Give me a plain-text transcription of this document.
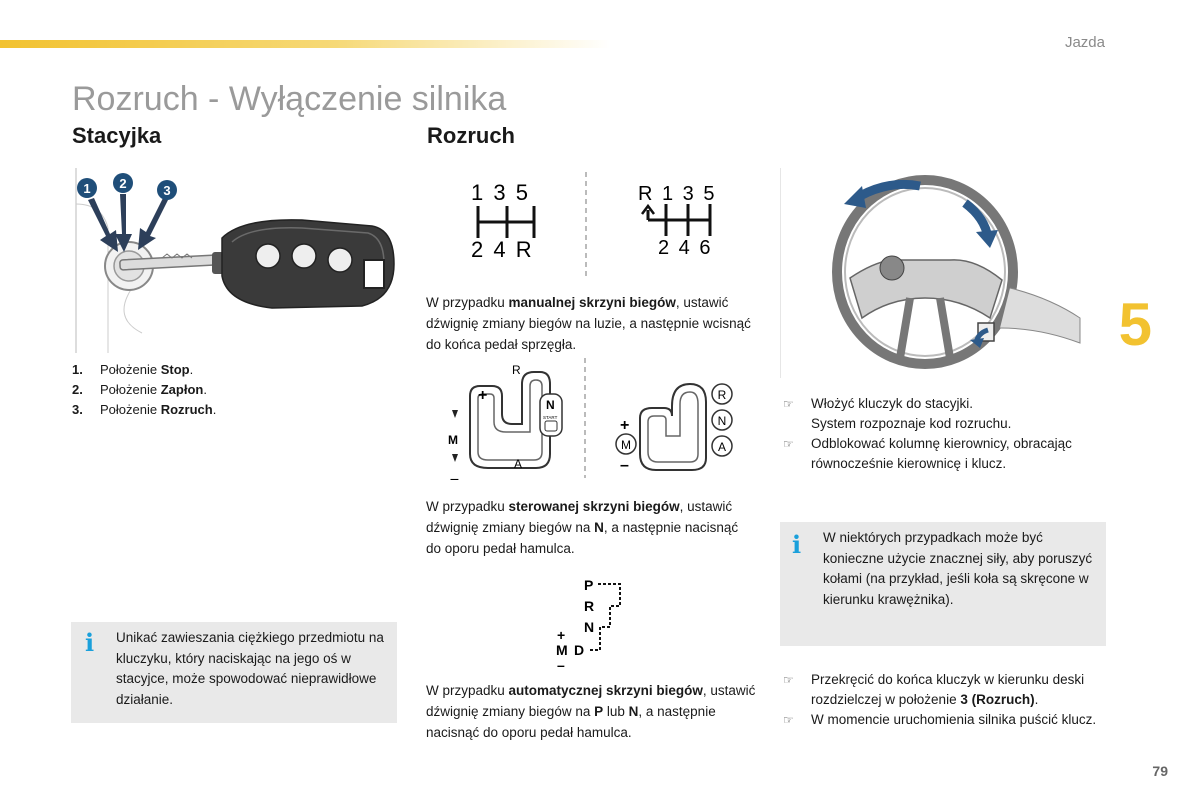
Jazda
Rozruch - Wyłączenie silnika
Stacyjka
1 2	3
1. Położenie Stop.
2. Położenie Zapłon.
3. Położenie Rozruch.
i Unikać zawieszania ciężkiego przedmiotu na kluczyku, który naciskając na jego oś w stacyjce, może spowodować nieprawidłowe działanie.
Rozruch
1 3 5
2 4 R
R 1 3 5
2 4 6
W przypadku manualnej skrzyni biegów, ustawić dźwignię zmiany biegów na luzie, a następnie wcisnąć do końca pedał sprzęgła.
R
+
M
–
A
N
START	+
–
R
N
A
M
W przypadku sterowanej skrzyni biegów, ustawić dźwignię zmiany biegów na N, a następnie nacisnąć do oporu pedał hamulca.
P
R
N
D
M
+
–
W przypadku automatycznej skrzyni biegów, ustawić dźwignię zmiany biegów na P lub N, a następnie nacisnąć do oporu pedał hamulca.
☞ Włożyć kluczyk do stacyjki.
System rozpoznaje kod rozruchu.
☞ Odblokować kolumnę kierownicy, obracając równocześnie kierownicę i klucz.
i W niektórych przypadkach może być konieczne użycie znacznej siły, aby poruszyć kołami (na przykład, jeśli koła są skręcone w kierunku krawężnika).
☞ Przekręcić do końca kluczyk w kierunku deski rozdzielczej w położenie 3 (Rozruch).
☞ W momencie uruchomienia silnika puścić klucz.
5
79
